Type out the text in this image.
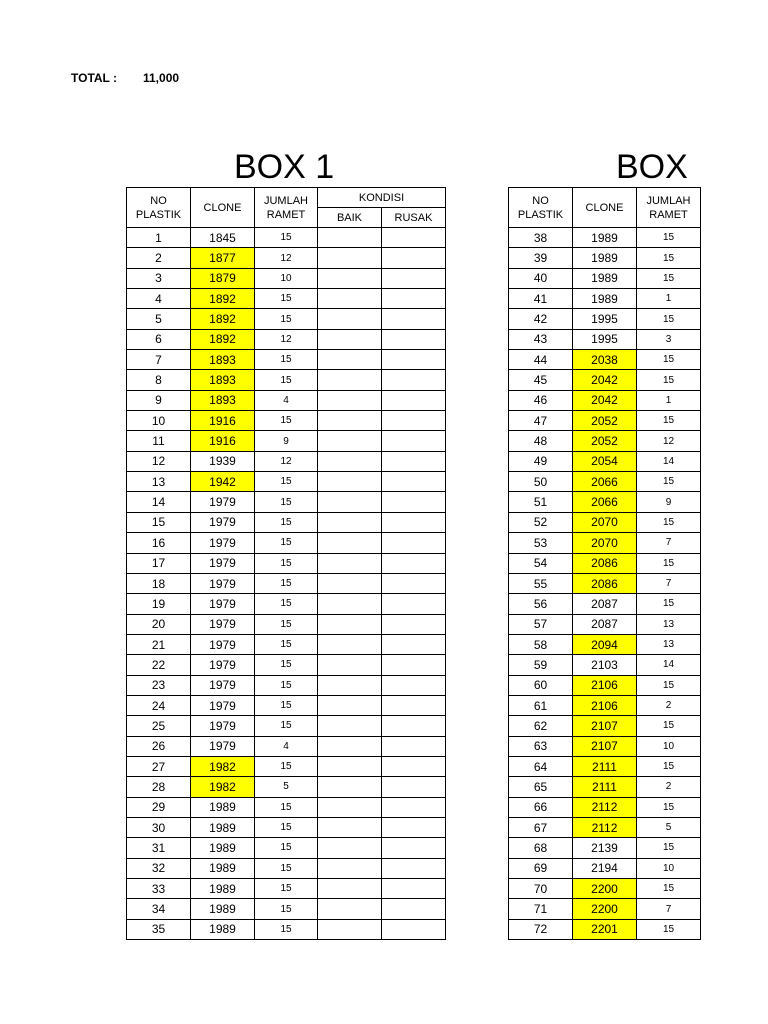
TOTAL : 11,000
BOX 1	BOX
NO PLASTIK	CLONE	JUMLAH RAMET	KONDISI	
			BAIK	RUSAK
1	1845	15		
2	1877	12		
3	1879	10		
4	1892	15		
5	1892	15		
6	1892	12		
7	1893	15		
8	1893	15		
9	1893	4		
10	1916	15		
11	1916	9		
12	1939	12		
13	1942	15		
14	1979	15		
15	1979	15		
16	1979	15		
17	1979	15		
18	1979	15		
19	1979	15		
20	1979	15		
21	1979	15		
22	1979	15		
23	1979	15		
24	1979	15		
25	1979	15		
26	1979	4		
27	1982	15		
28	1982	5		
29	1989	15		
30	1989	15		
31	1989	15		
32	1989	15		
33	1989	15		
34	1989	15		
35	1989	15		
NO PLASTIK	CLONE	JUMLAH RAMET
38	1989	15
39	1989	15
40	1989	15
41	1989	1
42	1995	15
43	1995	3
44	2038	15
45	2042	15
46	2042	1
47	2052	15
48	2052	12
49	2054	14
50	2066	15
51	2066	9
52	2070	15
53	2070	7
54	2086	15
55	2086	7
56	2087	15
57	2087	13
58	2094	13
59	2103	14
60	2106	15
61	2106	2
62	2107	15
63	2107	10
64	2111	15
65	2111	2
66	2112	15
67	2112	5
68	2139	15
69	2194	10
70	2200	15
71	2200	7
72	2201	15
